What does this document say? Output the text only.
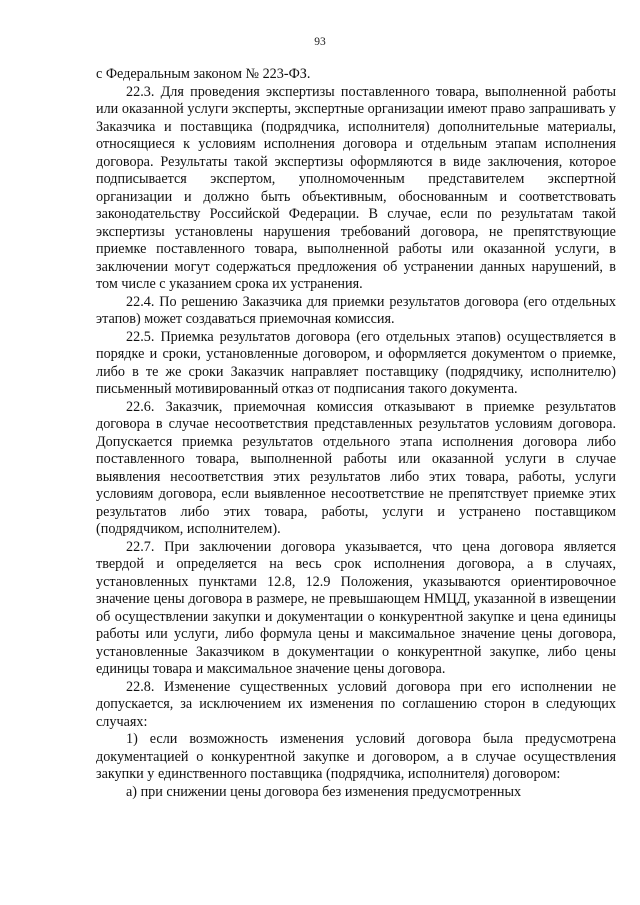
93

с Федеральным законом № 223-ФЗ.

22.3. Для проведения экспертизы поставленного товара, выполненной работы или оказанной услуги эксперты, экспертные организации имеют право запрашивать у Заказчика и поставщика (подрядчика, исполнителя) дополнительные материалы, относящиеся к условиям исполнения договора и отдельным этапам исполнения договора. Результаты такой экспертизы оформляются в виде заключения, которое подписывается экспертом, уполномоченным представителем экспертной организации и должно быть объективным, обоснованным и соответствовать законодательству Российской Федерации. В случае, если по результатам такой экспертизы установлены нарушения требований договора, не препятствующие приемке поставленного товара, выполненной работы или оказанной услуги, в заключении могут содержаться предложения об устранении данных нарушений, в том числе с указанием срока их устранения.

22.4. По решению Заказчика для приемки результатов договора (его отдельных этапов) может создаваться приемочная комиссия.

22.5. Приемка результатов договора (его отдельных этапов) осуществляется в порядке и сроки, установленные договором, и оформляется документом о приемке, либо в те же сроки Заказчик направляет поставщику (подрядчику, исполнителю) письменный мотивированный отказ от подписания такого документа.

22.6. Заказчик, приемочная комиссия отказывают в приемке результатов договора в случае несоответствия представленных результатов условиям договора. Допускается приемка результатов отдельного этапа исполнения договора либо поставленного товара, выполненной работы или оказанной услуги в случае выявления несоответствия этих результатов либо этих товара, работы, услуги условиям договора, если выявленное несоответствие не препятствует приемке этих результатов либо этих товара, работы, услуги и устранено поставщиком (подрядчиком, исполнителем).

22.7. При заключении договора указывается, что цена договора является твердой и определяется на весь срок исполнения договора, а в случаях, установленных пунктами 12.8, 12.9 Положения, указываются ориентировочное значение цены договора в размере, не превышающем НМЦД, указанной в извещении об осуществлении закупки и документации о конкурентной закупке и цена единицы работы или услуги, либо формула цены и максимальное значение цены договора, установленные Заказчиком в документации о конкурентной закупке, либо цены единицы товара и максимальное значение цены договора.

22.8. Изменение существенных условий договора при его исполнении не допускается, за исключением их изменения по соглашению сторон в следующих случаях:

1) если возможность изменения условий договора была предусмотрена документацией о конкурентной закупке и договором, а в случае осуществления закупки у единственного поставщика (подрядчика, исполнителя) договором:

а) при снижении цены договора без изменения предусмотренных
